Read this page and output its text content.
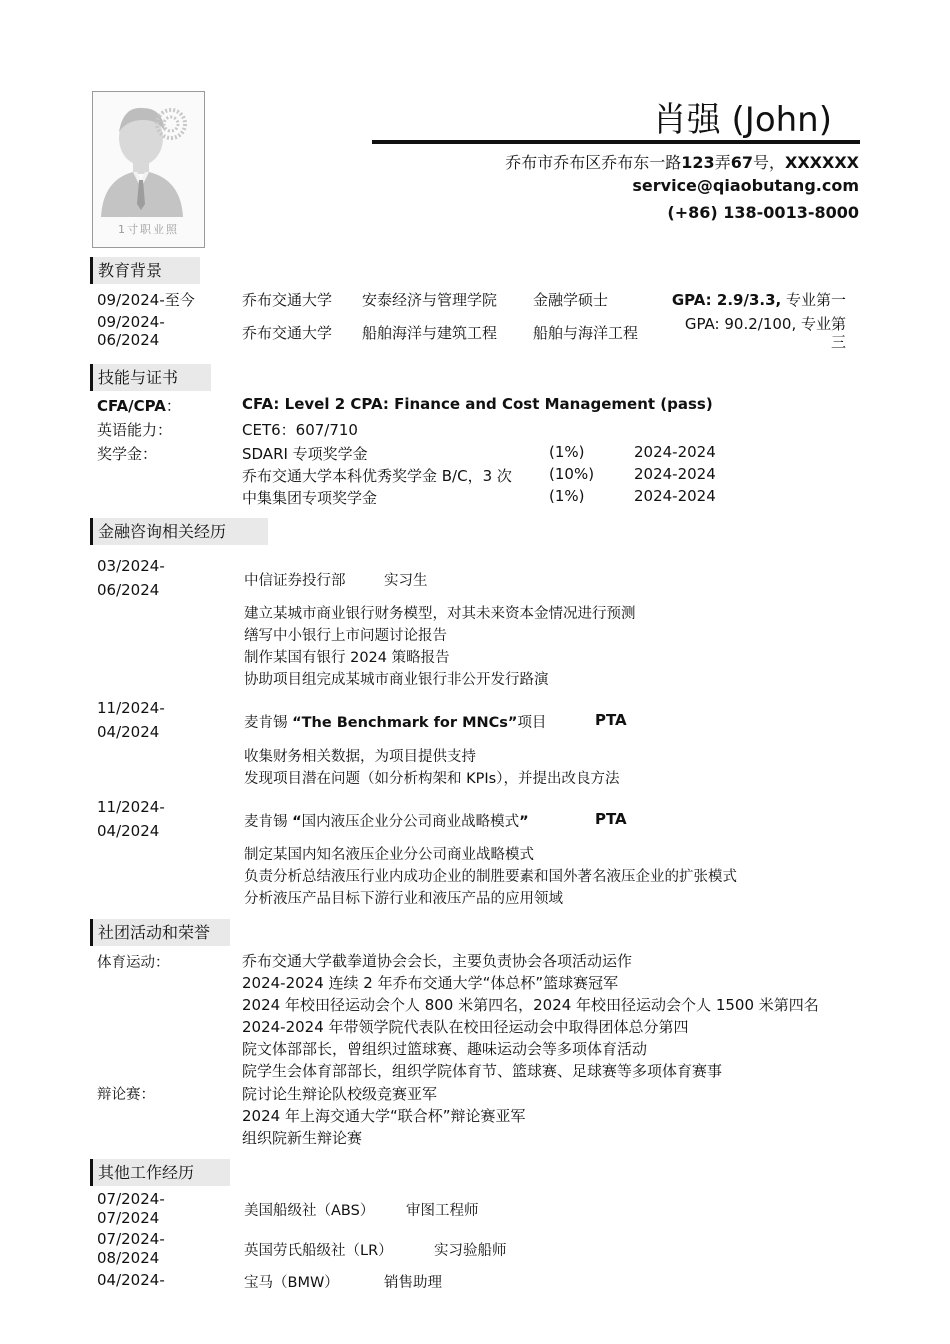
1寸职业照
肖强 (John)
乔布市乔布区乔布东一路123弄67号，XXXXXX
service@qiaobutang.com
(+86) 138-0013-8000
教育背景
09/2024-至今	乔布交通大学 安泰经济与管理学院 金融学硕士	GPA: 2.9/3.3, 专业第一
09/2024-
06/2024	乔布交通大学 船舶海洋与建筑工程 船舶与海洋工程	GPA: 90.2/100, 专业第
三
技能与证书
CFA/CPA：	CFA: Level 2 CPA: Finance and Cost Management (pass)
英语能力：	CET6：607/710
奖学金：	SDARI 专项奖学金	(1%)	2024-2024
乔布交通大学本科优秀奖学金 B/C，3 次 (10%)	2024-2024
中集集团专项奖学金	(1%)	2024-2024
金融咨询相关经历
03/2024-
06/2024	中信证券投行部	实习生
建立某城市商业银行财务模型，对其未来资本金情况进行预测
缮写中小银行上市问题讨论报告
制作某国有银行 2024 策略报告
协助项目组完成某城市商业银行非公开发行路演
11/2024-
04/2024	麦肯锡 “The Benchmark for MNCs”项目	PTA
收集财务相关数据，为项目提供支持
发现项目潜在问题（如分析构架和 KPIs），并提出改良方法
11/2024-
04/2024	麦肯锡 “国内液压企业分公司商业战略模式”	PTA
制定某国内知名液压企业分公司商业战略模式
负责分析总结液压行业内成功企业的制胜要素和国外著名液压企业的扩张模式
分析液压产品目标下游行业和液压产品的应用领域
社团活动和荣誉
体育运动：	乔布交通大学截拳道协会会长，主要负责协会各项活动运作
2024-2024 连续 2 年乔布交通大学“体总杯”篮球赛冠军
2024 年校田径运动会个人 800 米第四名，2024 年校田径运动会个人 1500 米第四名
2024-2024 年带领学院代表队在校田径运动会中取得团体总分第四
院文体部部长，曾组织过篮球赛、趣味运动会等多项体育活动
院学生会体育部部长，组织学院体育节、篮球赛、足球赛等多项体育赛事
辩论赛：	院讨论生辩论队校级竞赛亚军
2024 年上海交通大学“联合杯”辩论赛亚军
组织院新生辩论赛
其他工作经历
07/2024-
07/2024	美国船级社（ABS） 审图工程师
07/2024-
08/2024	英国劳氏船级社（LR）	实习验船师
04/2024-	宝马（BMW）	销售助理
